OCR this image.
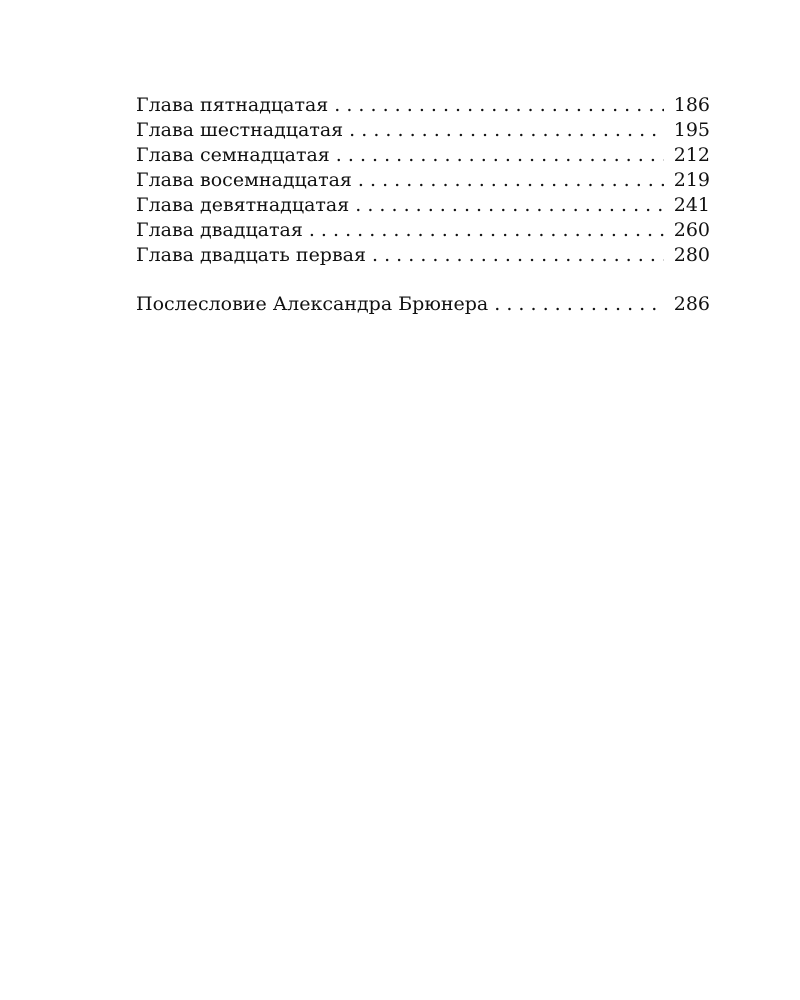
Глава пятнадцатая . . .	186
Глава шестнадцатая . . .	195
Глава семнадцатая . . .	212
Глава восемнадцатая . . .	219
Глава девятнадцатая . . .	241
Глава двадцатая . . .	260
Глава двадцать первая . . .	280
Послесловие Александра Брюнера . . .	286
